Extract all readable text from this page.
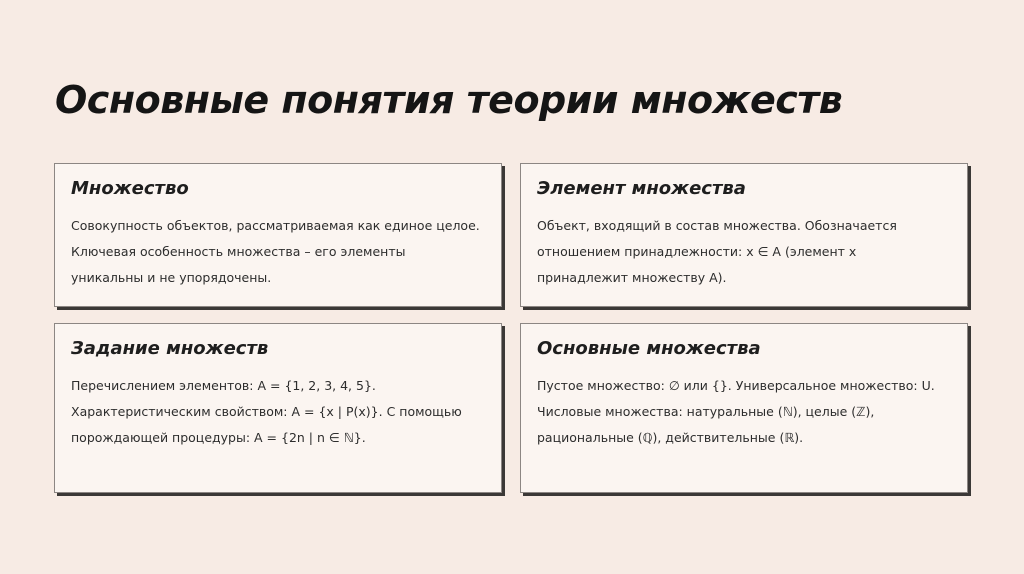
Основные понятия теории множеств
Множество

Совокупность объектов, рассматриваемая как единое целое. Ключевая особенность множества – его элементы уникальны и не упорядочены.

Элемент множества

Объект, входящий в состав множества. Обозначается отношением принадлежности: x ∈ A (элемент x принадлежит множеству A).

Задание множеств

Перечислением элементов: A = {1, 2, 3, 4, 5}. Характеристическим свойством: A = {x | P(x)}. С помощью порождающей процедуры: A = {2n | n ∈ ℕ}.

Основные множества

Пустое множество: ∅ или {}. Универсальное множество: U. Числовые множества: натуральные (ℕ), целые (ℤ), рациональные (ℚ), действительные (ℝ).
